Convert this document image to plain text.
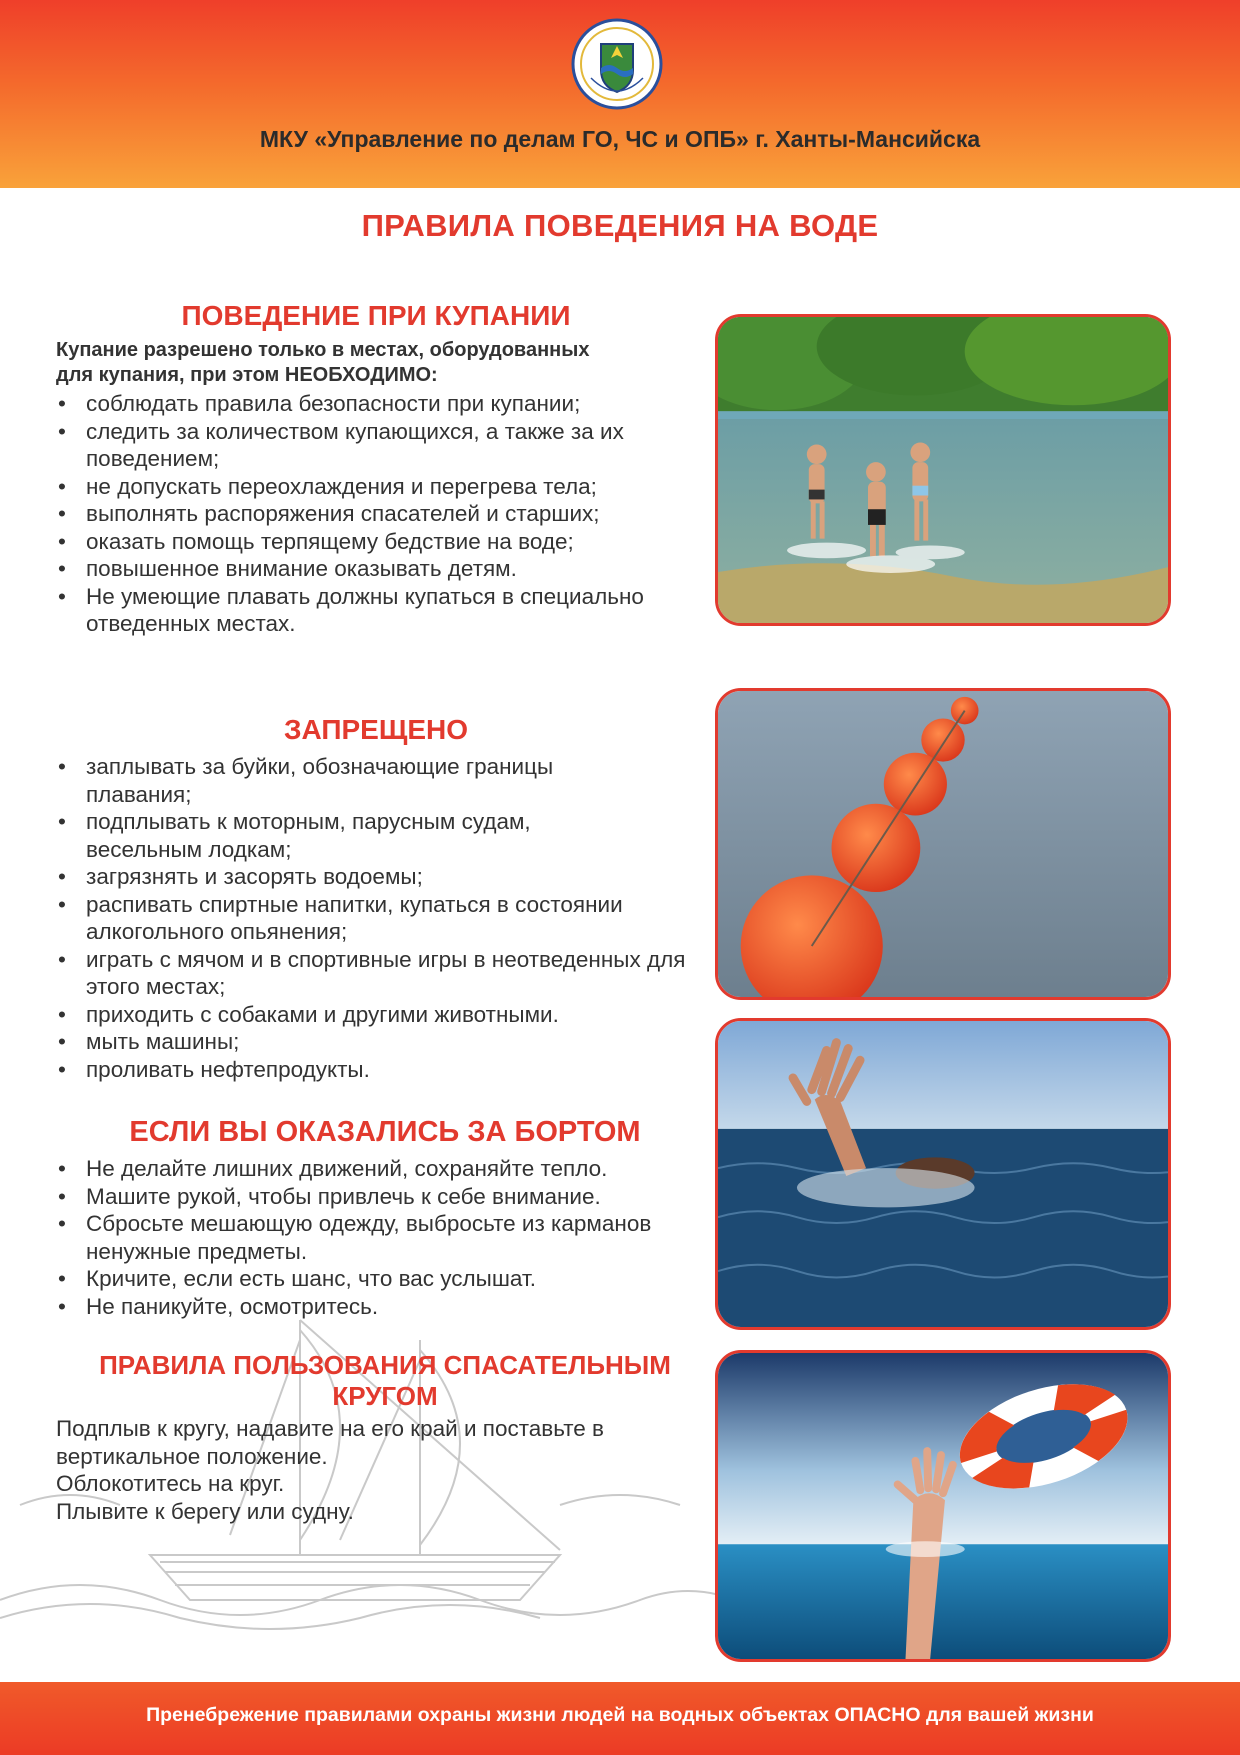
МКУ «Управление по делам ГО, ЧС и ОПБ» г. Ханты-Мансийска
ПРАВИЛА ПОВЕДЕНИЯ НА ВОДЕ
ПОВЕДЕНИЕ ПРИ КУПАНИИ
Купание разрешено только в местах, оборудованных
для купания, при этом НЕОБХОДИМО:
• соблюдать правила безопасности при купании;
• следить за количеством купающихся, а также за их поведением;
• не допускать переохлаждения и перегрева тела;
• выполнять распоряжения спасателей и старших;
• оказать помощь терпящему бедствие на воде;
• повышенное внимание оказывать детям.
• Не умеющие плавать должны купаться в специально отведенных местах.
ЗАПРЕЩЕНО
• заплывать за буйки, обозначающие границы плавания;
• подплывать к моторным, парусным судам, весельным лодкам;
• загрязнять и засорять водоемы;
• распивать спиртные напитки, купаться в состоянии алкогольного опьянения;
• играть с мячом и в спортивные игры в неотведенных для этого местах;
• приходить с собаками и другими животными.
• мыть машины;
• проливать нефтепродукты.
ЕСЛИ ВЫ ОКАЗАЛИСЬ ЗА БОРТОМ
• Не делайте лишних движений, сохраняйте тепло.
• Машите рукой, чтобы привлечь к себе внимание.
• Сбросьте мешающую одежду, выбросьте из карманов ненужные предметы.
• Кричите, если есть шанс, что вас услышат.
• Не паникуйте, осмотритесь.
ПРАВИЛА ПОЛЬЗОВАНИЯ СПАСАТЕЛЬНЫМ
КРУГОМ
Подплыв к кругу, надавите на его край и поставьте в
вертикальное положение.
Облокотитесь на круг.
Плывите к берегу или судну.
Пренебрежение правилами охраны жизни людей на водных объектах ОПАСНО для вашей жизни
